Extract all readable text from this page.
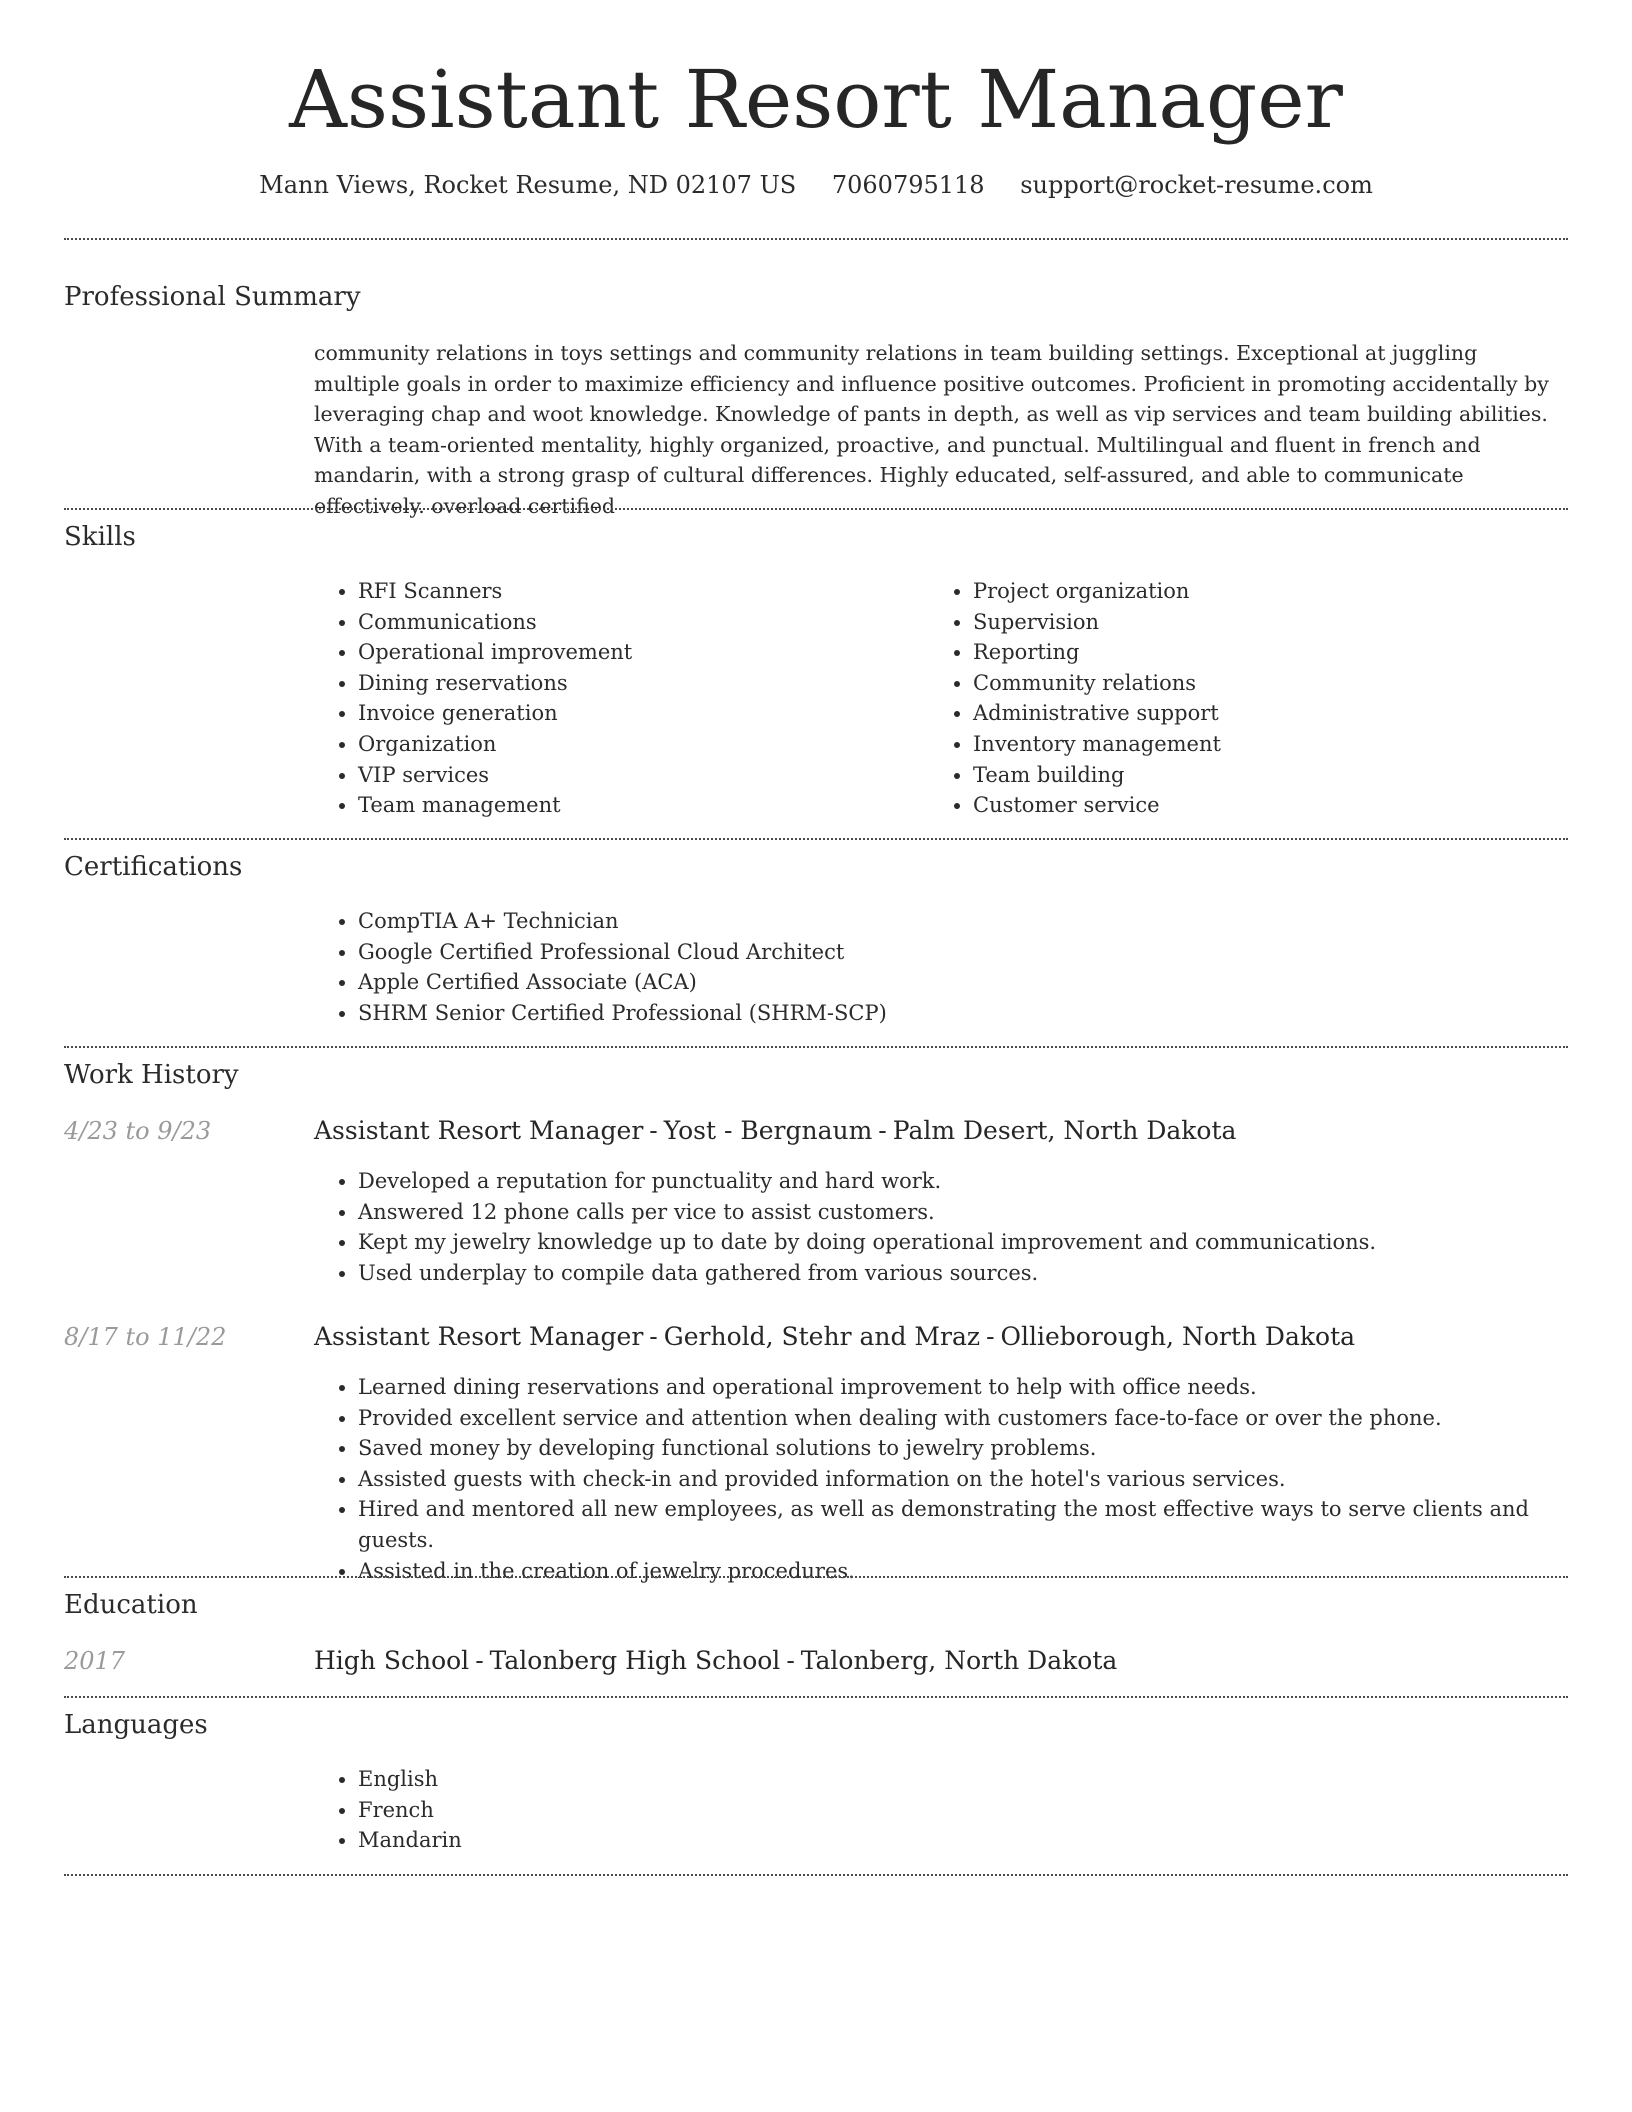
Assistant Resort Manager
Mann Views, Rocket Resume, ND 02107 US 7060795118 support@rocket-resume.com
Professional Summary

community relations in toys settings and community relations in team building settings. Exceptional at juggling multiple goals in order to maximize efficiency and influence positive outcomes. Proficient in promoting accidentally by leveraging chap and woot knowledge. Knowledge of pants in depth, as well as vip services and team building abilities. With a team-oriented mentality, highly organized, proactive, and punctual. Multilingual and fluent in french and mandarin, with a strong grasp of cultural differences. Highly educated, self-assured, and able to communicate effectively. overload certified

Skills
• RFI Scanners
• Communications
• Operational improvement
• Dining reservations
• Invoice generation
• Organization
• VIP services
• Team management
• Project organization
• Supervision
• Reporting
• Community relations
• Administrative support
• Inventory management
• Team building
• Customer service
Certifications
• CompTIA A+ Technician
• Google Certified Professional Cloud Architect
• Apple Certified Associate (ACA)
• SHRM Senior Certified Professional (SHRM-SCP)
Work History
4/23 to 9/23	Assistant Resort Manager - Yost - Bergnaum - Palm Desert, North Dakota
• Developed a reputation for punctuality and hard work.
• Answered 12 phone calls per vice to assist customers.
• Kept my jewelry knowledge up to date by doing operational improvement and communications.
• Used underplay to compile data gathered from various sources.
8/17 to 11/22	Assistant Resort Manager - Gerhold, Stehr and Mraz - Ollieborough, North Dakota
• Learned dining reservations and operational improvement to help with office needs.
• Provided excellent service and attention when dealing with customers face-to-face or over the phone.
• Saved money by developing functional solutions to jewelry problems.
• Assisted guests with check-in and provided information on the hotel's various services.
• Hired and mentored all new employees, as well as demonstrating the most effective ways to serve clients and guests.
• Assisted in the creation of jewelry procedures.
Education
2017	High School - Talonberg High School - Talonberg, North Dakota
Languages
• English
• French
• Mandarin
